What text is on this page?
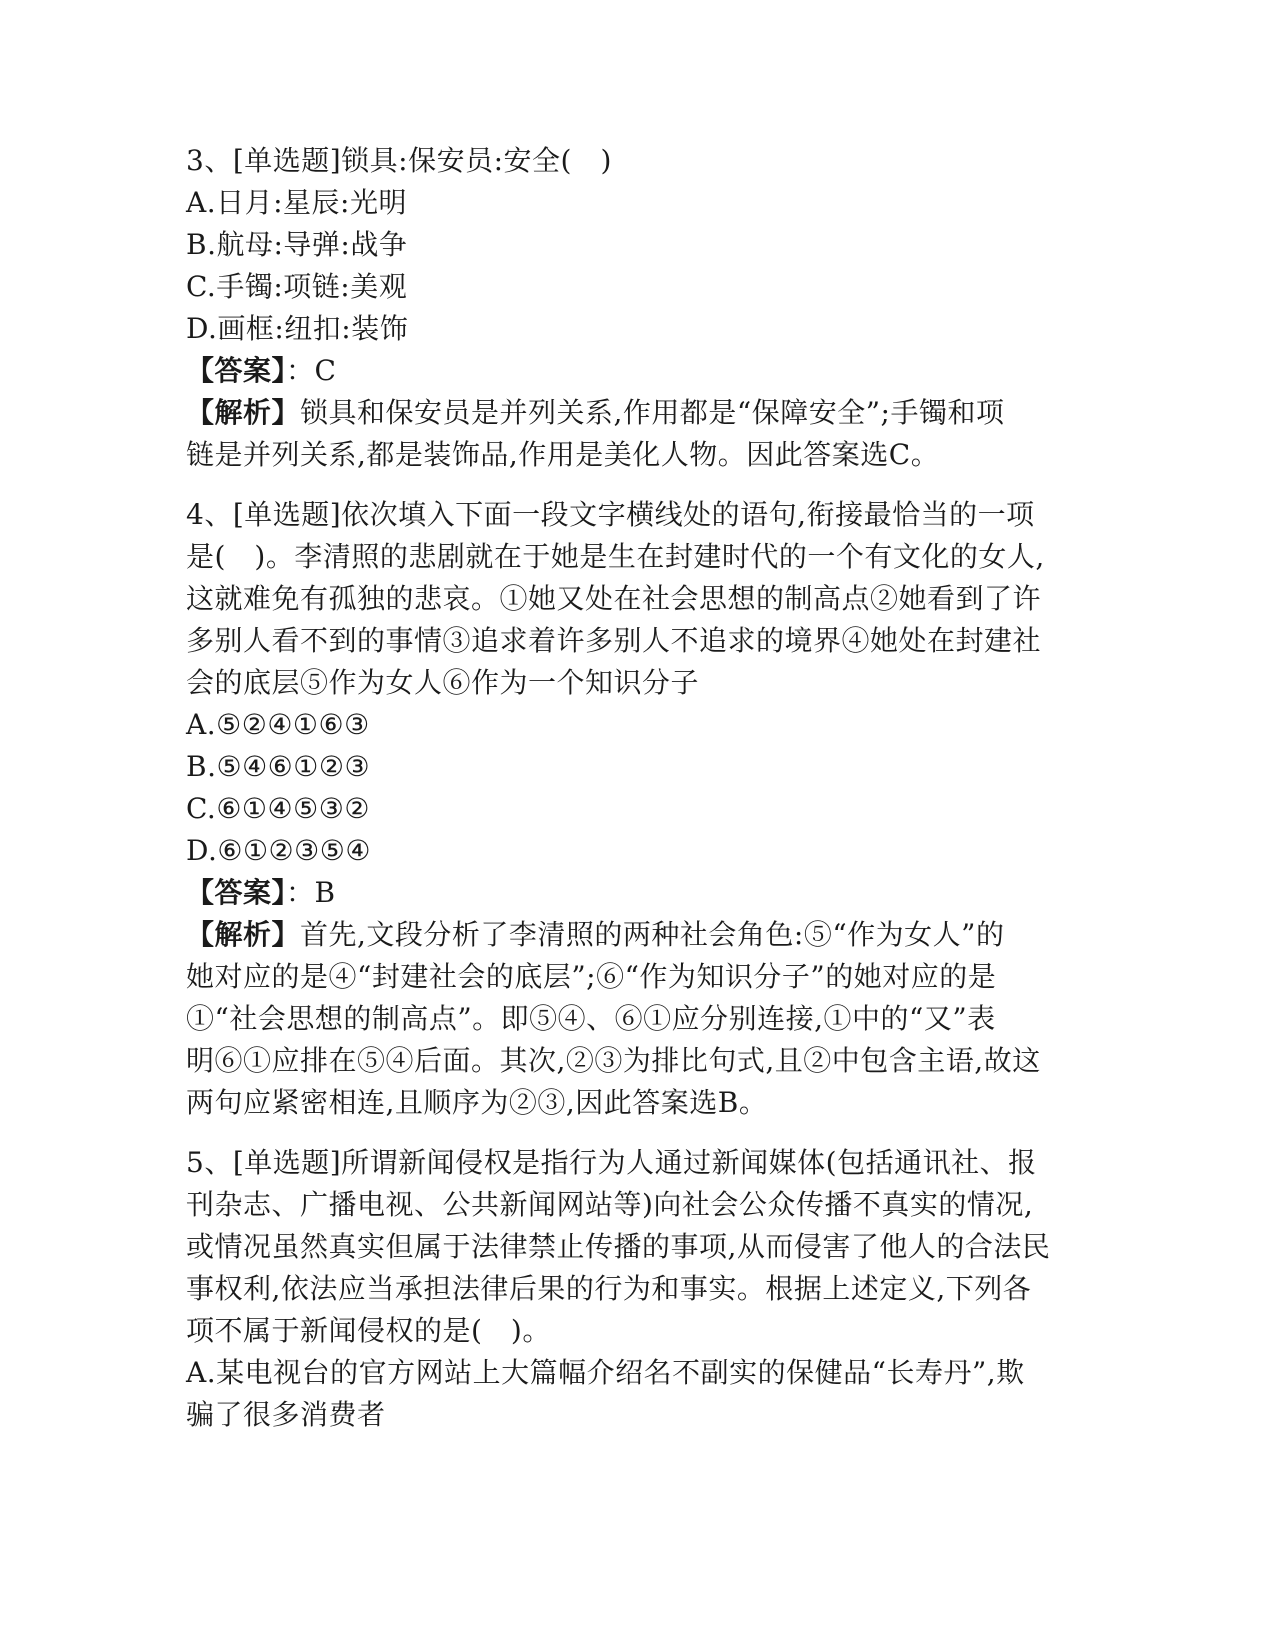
3、[单选题]锁具:保安员:安全(　)
A.日月:星辰:光明
B.航母:导弹:战争
C.手镯:项链:美观
D.画框:纽扣:装饰
【答案】：C
【解析】锁具和保安员是并列关系,作用都是“保障安全”;手镯和项
链是并列关系,都是装饰品,作用是美化人物。因此答案选C。
4、[单选题]依次填入下面一段文字横线处的语句,衔接最恰当的一项
是(　)。李清照的悲剧就在于她是生在封建时代的一个有文化的女人,
这就难免有孤独的悲哀。①她又处在社会思想的制高点②她看到了许
多别人看不到的事情③追求着许多别人不追求的境界④她处在封建社
会的底层⑤作为女人⑥作为一个知识分子
A.⑤②④①⑥③
B.⑤④⑥①②③
C.⑥①④⑤③②
D.⑥①②③⑤④
【答案】：B
【解析】首先,文段分析了李清照的两种社会角色:⑤“作为女人”的
她对应的是④“封建社会的底层”;⑥“作为知识分子”的她对应的是
①“社会思想的制高点”。即⑤④、⑥①应分别连接,①中的“又”表
明⑥①应排在⑤④后面。其次,②③为排比句式,且②中包含主语,故这
两句应紧密相连,且顺序为②③,因此答案选B。
5、[单选题]所谓新闻侵权是指行为人通过新闻媒体(包括通讯社、报
刊杂志、广播电视、公共新闻网站等)向社会公众传播不真实的情况,
或情况虽然真实但属于法律禁止传播的事项,从而侵害了他人的合法民
事权利,依法应当承担法律后果的行为和事实。根据上述定义,下列各
项不属于新闻侵权的是(　)。
A.某电视台的官方网站上大篇幅介绍名不副实的保健品“长寿丹”,欺
骗了很多消费者
